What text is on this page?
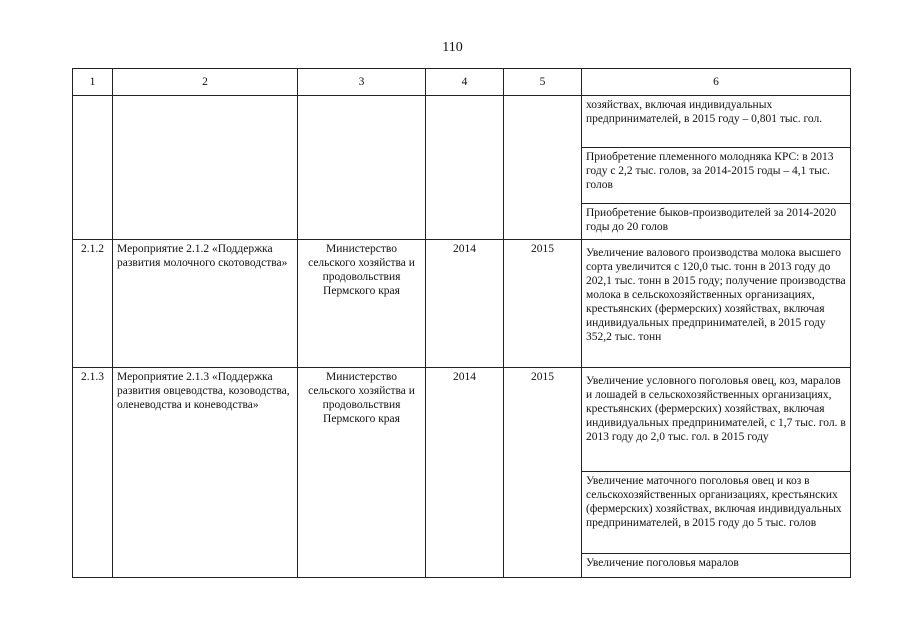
110
1	2	3	4	5	6
					хозяйствах, включая индивидуальных предпринимателей, в 2015 году – 0,801 тыс. гол.
					Приобретение племенного молодняка КРС: в 2013 году с 2,2 тыс. голов, за 2014-2015 годы – 4,1 тыс. голов
					Приобретение быков-производителей за 2014-2020 годы до 20 голов
2.1.2	Мероприятие 2.1.2 «Поддержка развития молочного скотоводства»	Министерство сельского хозяйства и продовольствия Пермского края	2014	2015	Увеличение валового производства молока высшего сорта увеличится с 120,0 тыс. тонн в 2013 году до 202,1 тыс. тонн в 2015 году; получение производства молока в сельскохозяйственных организациях, крестьянских (фермерских) хозяйствах, включая индивидуальных предпринимателей, в 2015 году 352,2 тыс. тонн
2.1.3	Мероприятие 2.1.3 «Поддержка развития овцеводства, козоводства, оленеводства и коневодства»	Министерство сельского хозяйства и продовольствия Пермского края	2014	2015	Увеличение условного поголовья овец, коз, маралов и лошадей в сельскохозяйственных организациях, крестьянских (фермерских) хозяйствах, включая индивидуальных предпринимателей, с 1,7 тыс. гол. в 2013 году до 2,0 тыс. гол. в 2015 году
					Увеличение маточного поголовья овец и коз в сельскохозяйственных организациях, крестьянских (фермерских) хозяйствах, включая индивидуальных предпринимателей, в 2015 году до 5 тыс. голов
					Увеличение поголовья маралов
